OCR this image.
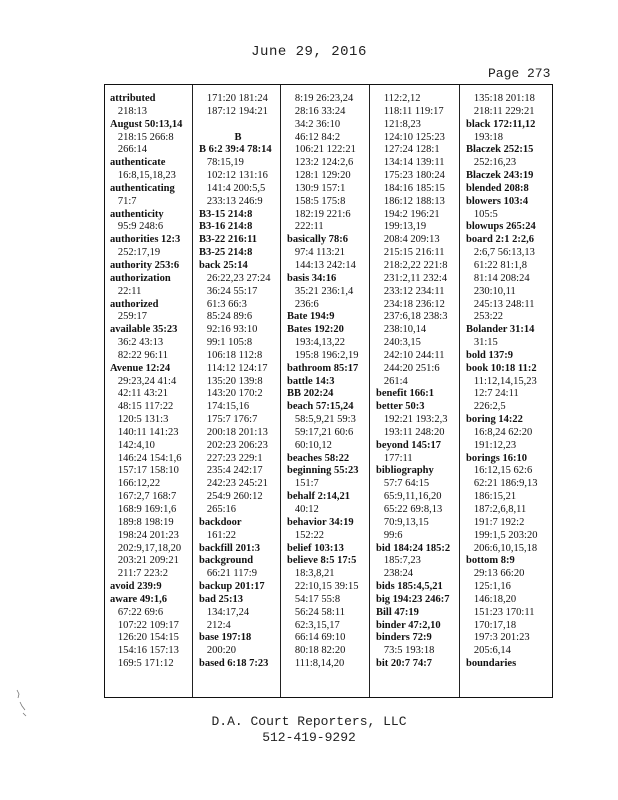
June 29, 2016
Page 273
attributed
218:13
August 50:13,14
218:15 266:8
266:14
authenticate
16:8,15,18,23
authenticating
71:7
authenticity
95:9 248:6
authorities 12:3
252:17,19
authority 253:6
authorization
22:11
authorized
259:17
available 35:23
36:2 43:13
82:22 96:11
Avenue 12:24
29:23,24 41:4
42:11 43:21
48:15 117:22
120:5 131:3
140:11 141:23
142:4,10
146:24 154:1,6
157:17 158:10
166:12,22
167:2,7 168:7
168:9 169:1,6
189:8 198:19
198:24 201:23
202:9,17,18,20
203:21 209:21
211:7 223:2
avoid 239:9
aware 49:1,6
67:22 69:6
107:22 109:17
126:20 154:15
154:16 157:13
169:5 171:12
171:20 181:24
187:12 194:21
B
B 6:2 39:4 78:14
78:15,19
102:12 131:16
141:4 200:5,5
233:13 246:9
B3-15 214:8
B3-16 214:8
B3-22 216:11
B3-25 214:8
back 25:14
26:22,23 27:24
36:24 55:17
61:3 66:3
85:24 89:6
92:16 93:10
99:1 105:8
106:18 112:8
114:12 124:17
135:20 139:8
143:20 170:2
174:15,16
175:7 176:7
200:18 201:13
202:23 206:23
227:23 229:1
235:4 242:17
242:23 245:21
254:9 260:12
265:16
backdoor
161:22
backfill 201:3
background
66:21 117:9
backup 201:17
bad 25:13
134:17,24
212:4
base 197:18
200:20
based 6:18 7:23
8:19 26:23,24
28:16 33:24
34:2 36:10
46:12 84:2
106:21 122:21
123:2 124:2,6
128:1 129:20
130:9 157:1
158:5 175:8
182:19 221:6
222:11
basically 78:6
97:4 113:21
144:13 242:14
basis 34:16
35:21 236:1,4
236:6
Bate 194:9
Bates 192:20
193:4,13,22
195:8 196:2,19
bathroom 85:17
battle 14:3
BB 202:24
beach 57:15,24
58:5,9,21 59:3
59:17,21 60:6
60:10,12
beaches 58:22
beginning 55:23
151:7
behalf 2:14,21
40:12
behavior 34:19
152:22
belief 103:13
believe 8:5 17:5
18:3,8,21
22:10,15 39:15
54:17 55:8
56:24 58:11
62:3,15,17
66:14 69:10
80:18 82:20
111:8,14,20
112:2,12
118:11 119:17
121:8,23
124:10 125:23
127:24 128:1
134:14 139:11
175:23 180:24
184:16 185:15
186:12 188:13
194:2 196:21
199:13,19
208:4 209:13
215:15 216:11
218:2,22 221:8
231:2,11 232:4
233:12 234:11
234:18 236:12
237:6,18 238:3
238:10,14
240:3,15
242:10 244:11
244:20 251:6
261:4
benefit 166:1
better 50:3
192:21 193:2,3
193:11 248:20
beyond 145:17
177:11
bibliography
57:7 64:15
65:9,11,16,20
65:22 69:8,13
70:9,13,15
99:6
bid 184:24 185:2
185:7,23
238:24
bids 185:4,5,21
big 194:23 246:7
Bill 47:19
binder 47:2,10
binders 72:9
73:5 193:18
bit 20:7 74:7
135:18 201:18
218:11 229:21
black 172:11,12
193:18
Blaczek 252:15
252:16,23
Blaczek 243:19
blended 208:8
blowers 103:4
105:5
blowups 265:24
board 2:1 2:2,6
2:6,7 56:13,13
61:22 81:1,8
81:14 208:24
230:10,11
245:13 248:11
253:22
Bolander 31:14
31:15
bold 137:9
book 10:18 11:2
11:12,14,15,23
12:7 24:11
226:2,5
boring 14:22
16:8,24 62:20
191:12,23
borings 16:10
16:12,15 62:6
62:21 186:9,13
186:15,21
187:2,6,8,11
191:7 192:2
199:1,5 203:20
206:6,10,15,18
bottom 8:9
29:13 66:20
125:1,16
146:18,20
151:23 170:11
170:17,18
197:3 201:23
205:6,14
boundaries
D.A. Court Reporters, LLC
512-419-9292
